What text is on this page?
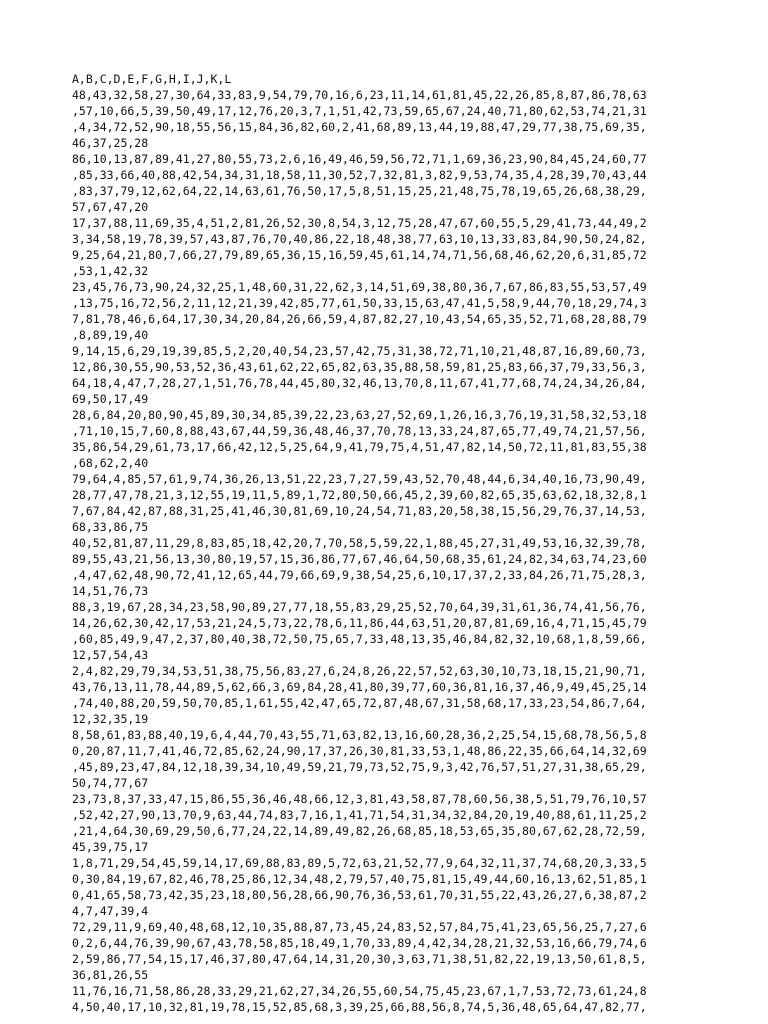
A,B,C,D,E,F,G,H,I,J,K,L
48,43,32,58,27,30,64,33,83,9,54,79,70,16,6,23,11,14,61,81,45,22,26,85,8,87,86,78,63
,57,10,66,5,39,50,49,17,12,76,20,3,7,1,51,42,73,59,65,67,24,40,71,80,62,53,74,21,31
,4,34,72,52,90,18,55,56,15,84,36,82,60,2,41,68,89,13,44,19,88,47,29,77,38,75,69,35,
46,37,25,28
86,10,13,87,89,41,27,80,55,73,2,6,16,49,46,59,56,72,71,1,69,36,23,90,84,45,24,60,77
,85,33,66,40,88,42,54,34,31,18,58,11,30,52,7,32,81,3,82,9,53,74,35,4,28,39,70,43,44
,83,37,79,12,62,64,22,14,63,61,76,50,17,5,8,51,15,25,21,48,75,78,19,65,26,68,38,29,
57,67,47,20
17,37,88,11,69,35,4,51,2,81,26,52,30,8,54,3,12,75,28,47,67,60,55,5,29,41,73,44,49,2
3,34,58,19,78,39,57,43,87,76,70,40,86,22,18,48,38,77,63,10,13,33,83,84,90,50,24,82,
9,25,64,21,80,7,66,27,79,89,65,36,15,16,59,45,61,14,74,71,56,68,46,62,20,6,31,85,72
,53,1,42,32
23,45,76,73,90,24,32,25,1,48,60,31,22,62,3,14,51,69,38,80,36,7,67,86,83,55,53,57,49
,13,75,16,72,56,2,11,12,21,39,42,85,77,61,50,33,15,63,47,41,5,58,9,44,70,18,29,74,3
7,81,78,46,6,64,17,30,34,20,84,26,66,59,4,87,82,27,10,43,54,65,35,52,71,68,28,88,79
,8,89,19,40
9,14,15,6,29,19,39,85,5,2,20,40,54,23,57,42,75,31,38,72,71,10,21,48,87,16,89,60,73,
12,86,30,55,90,53,52,36,43,61,62,22,65,82,63,35,88,58,59,81,25,83,66,37,79,33,56,3,
64,18,4,47,7,28,27,1,51,76,78,44,45,80,32,46,13,70,8,11,67,41,77,68,74,24,34,26,84,
69,50,17,49
28,6,84,20,80,90,45,89,30,34,85,39,22,23,63,27,52,69,1,26,16,3,76,19,31,58,32,53,18
,71,10,15,7,60,8,88,43,67,44,59,36,48,46,37,70,78,13,33,24,87,65,77,49,74,21,57,56,
35,86,54,29,61,73,17,66,42,12,5,25,64,9,41,79,75,4,51,47,82,14,50,72,11,81,83,55,38
,68,62,2,40
79,64,4,85,57,61,9,74,36,26,13,51,22,23,7,27,59,43,52,70,48,44,6,34,40,16,73,90,49,
28,77,47,78,21,3,12,55,19,11,5,89,1,72,80,50,66,45,2,39,60,82,65,35,63,62,18,32,8,1
7,67,84,42,87,88,31,25,41,46,30,81,69,10,24,54,71,83,20,58,38,15,56,29,76,37,14,53,
68,33,86,75
40,52,81,87,11,29,8,83,85,18,42,20,7,70,58,5,59,22,1,88,45,27,31,49,53,16,32,39,78,
89,55,43,21,56,13,30,80,19,57,15,36,86,77,67,46,64,50,68,35,61,24,82,34,63,74,23,60
,4,47,62,48,90,72,41,12,65,44,79,66,69,9,38,54,25,6,10,17,37,2,33,84,26,71,75,28,3,
14,51,76,73
88,3,19,67,28,34,23,58,90,89,27,77,18,55,83,29,25,52,70,64,39,31,61,36,74,41,56,76,
14,26,62,30,42,17,53,21,24,5,73,22,78,6,11,86,44,63,51,20,87,81,69,16,4,71,15,45,79
,60,85,49,9,47,2,37,80,40,38,72,50,75,65,7,33,48,13,35,46,84,82,32,10,68,1,8,59,66,
12,57,54,43
2,4,82,29,79,34,53,51,38,75,56,83,27,6,24,8,26,22,57,52,63,30,10,73,18,15,21,90,71,
43,76,13,11,78,44,89,5,62,66,3,69,84,28,41,80,39,77,60,36,81,16,37,46,9,49,45,25,14
,74,40,88,20,59,50,70,85,1,61,55,42,47,65,72,87,48,67,31,58,68,17,33,23,54,86,7,64,
12,32,35,19
8,58,61,83,88,40,19,6,4,44,70,43,55,71,63,82,13,16,60,28,36,2,25,54,15,68,78,56,5,8
0,20,87,11,7,41,46,72,85,62,24,90,17,37,26,30,81,33,53,1,48,86,22,35,66,64,14,32,69
,45,89,23,47,84,12,18,39,34,10,49,59,21,79,73,52,75,9,3,42,76,57,51,27,31,38,65,29,
50,74,77,67
23,73,8,37,33,47,15,86,55,36,46,48,66,12,3,81,43,58,87,78,60,56,38,5,51,79,76,10,57
,52,42,27,90,13,70,9,63,44,74,83,7,16,1,41,71,54,31,34,32,84,20,19,40,88,61,11,25,2
,21,4,64,30,69,29,50,6,77,24,22,14,89,49,82,26,68,85,18,53,65,35,80,67,62,28,72,59,
45,39,75,17
1,8,71,29,54,45,59,14,17,69,88,83,89,5,72,63,21,52,77,9,64,32,11,37,74,68,20,3,33,5
0,30,84,19,67,82,46,78,25,86,12,34,48,2,79,57,40,75,81,15,49,44,60,16,13,62,51,85,1
0,41,65,58,73,42,35,23,18,80,56,28,66,90,76,36,53,61,70,31,55,22,43,26,27,6,38,87,2
4,7,47,39,4
72,29,11,9,69,40,48,68,12,10,35,88,87,73,45,24,83,52,57,84,75,41,23,65,56,25,7,27,6
0,2,6,44,76,39,90,67,43,78,58,85,18,49,1,70,33,89,4,42,34,28,21,32,53,16,66,79,74,6
2,59,86,77,54,15,17,46,37,80,47,64,14,31,20,30,3,63,71,38,51,82,22,19,13,50,61,8,5,
36,81,26,55
11,76,16,71,58,86,28,33,29,21,62,27,34,26,55,60,54,75,45,23,67,1,7,53,72,73,61,24,8
4,50,40,17,10,32,81,19,78,15,52,85,68,3,39,25,66,88,56,8,74,5,36,48,65,64,47,82,77,
